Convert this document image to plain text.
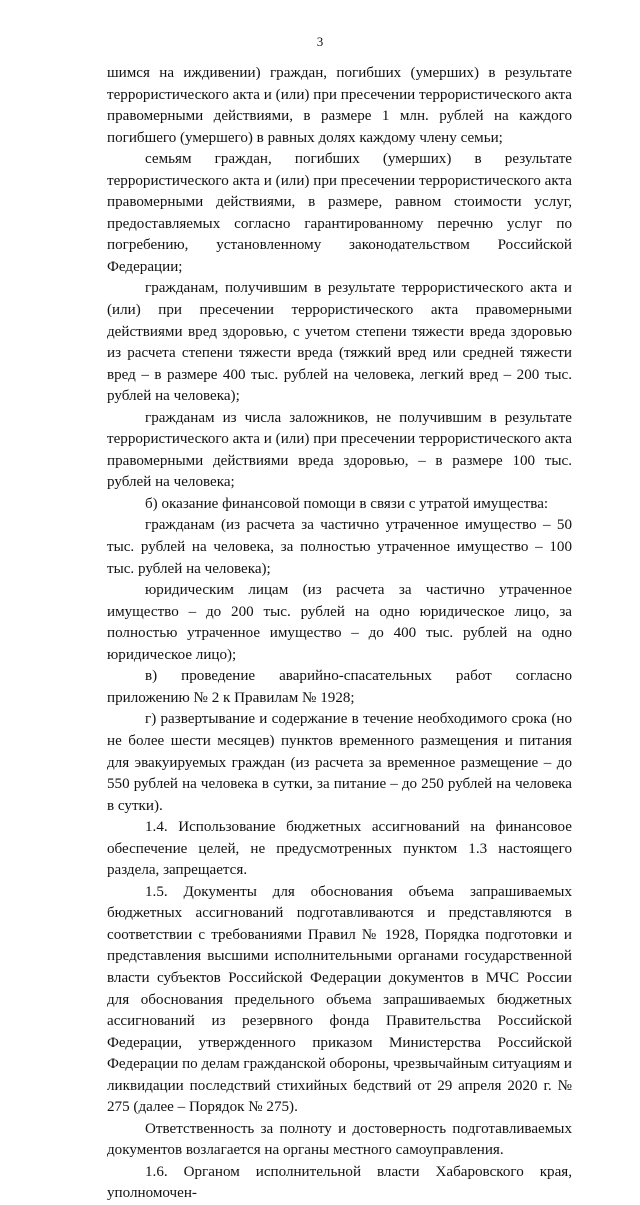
3

шимся на иждивении) граждан, погибших (умерших) в результате террористического акта и (или) при пресечении террористического акта правомерными действиями, в размере 1 млн. рублей на каждого погибшего (умершего) в равных долях каждому члену семьи;

семьям граждан, погибших (умерших) в результате террористического акта и (или) при пресечении террористического акта правомерными действиями, в размере, равном стоимости услуг, предоставляемых согласно гарантированному перечню услуг по погребению, установленному законодательством Российской Федерации;

гражданам, получившим в результате террористического акта и (или) при пресечении террористического акта правомерными действиями вред здоровью, с учетом степени тяжести вреда здоровью из расчета степени тяжести вреда (тяжкий вред или средней тяжести вред – в размере 400 тыс. рублей на человека, легкий вред – 200 тыс. рублей на человека);

гражданам из числа заложников, не получившим в результате террористического акта и (или) при пресечении террористического акта правомерными действиями вреда здоровью, – в размере 100 тыс. рублей на человека;

б) оказание финансовой помощи в связи с утратой имущества:

гражданам (из расчета за частично утраченное имущество – 50 тыс. рублей на человека, за полностью утраченное имущество – 100 тыс. рублей на человека);

юридическим лицам (из расчета за частично утраченное имущество – до 200 тыс. рублей на одно юридическое лицо, за полностью утраченное имущество – до 400 тыс. рублей на одно юридическое лицо);

в) проведение аварийно-спасательных работ согласно приложению № 2 к Правилам № 1928;

г) развертывание и содержание в течение необходимого срока (но не более шести месяцев) пунктов временного размещения и питания для эвакуируемых граждан (из расчета за временное размещение – до 550 рублей на человека в сутки, за питание – до 250 рублей на человека в сутки).

1.4. Использование бюджетных ассигнований на финансовое обеспечение целей, не предусмотренных пунктом 1.3 настоящего раздела, запрещается.

1.5. Документы для обоснования объема запрашиваемых бюджетных ассигнований подготавливаются и представляются в соответствии с требованиями Правил № 1928, Порядка подготовки и представления высшими исполнительными органами государственной власти субъектов Российской Федерации документов в МЧС России для обоснования предельного объема запрашиваемых бюджетных ассигнований из резервного фонда Правительства Российской Федерации, утвержденного приказом Министерства Российской Федерации по делам гражданской обороны, чрезвычайным ситуациям и ликвидации последствий стихийных бедствий от 29 апреля 2020 г. № 275 (далее – Порядок № 275).

Ответственность за полноту и достоверность подготавливаемых документов возлагается на органы местного самоуправления.

1.6. Органом исполнительной власти Хабаровского края, уполномочен-
